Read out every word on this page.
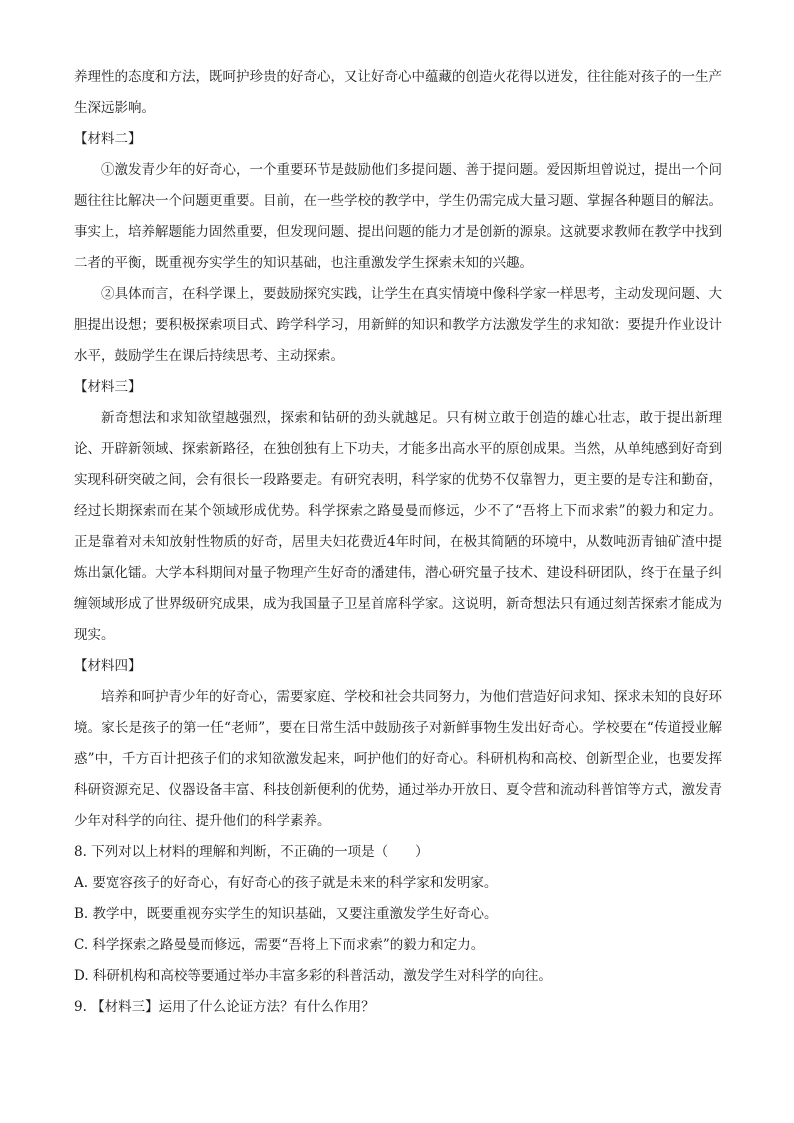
养理性的态度和方法，既呵护珍贵的好奇心，又让好奇心中蕴藏的创造火花得以迸发，往往能对孩子的一生产生深远影响。

【材料二】

①激发青少年的好奇心，一个重要环节是鼓励他们多提问题、善于提问题。爱因斯坦曾说过，提出一个问题往往比解决一个问题更重要。目前，在一些学校的教学中，学生仍需完成大量习题、掌握各种题目的解法。事实上，培养解题能力固然重要，但发现问题、提出问题的能力才是创新的源泉。这就要求教师在教学中找到二者的平衡，既重视夯实学生的知识基础，也注重激发学生探索未知的兴趣。

②具体而言，在科学课上，要鼓励探究实践，让学生在真实情境中像科学家一样思考，主动发现问题、大胆提出设想；要积极探索项目式、跨学科学习，用新鲜的知识和教学方法激发学生的求知欲：要提升作业设计水平，鼓励学生在课后持续思考、主动探索。

【材料三】

新奇想法和求知欲望越强烈，探索和钻研的劲头就越足。只有树立敢于创造的雄心壮志，敢于提出新理论、开辟新领域、探索新路径，在独创独有上下功夫，才能多出高水平的原创成果。当然，从单纯感到好奇到实现科研突破之间，会有很长一段路要走。有研究表明，科学家的优势不仅靠智力，更主要的是专注和勤奋，经过长期探索而在某个领域形成优势。科学探索之路曼曼而修远，少不了“吾将上下而求索”的毅力和定力。正是靠着对未知放射性物质的好奇，居里夫妇花费近4年时间，在极其简陋的环境中，从数吨沥青铀矿渣中提炼出氯化镭。大学本科期间对量子物理产生好奇的潘建伟，潜心研究量子技术、建设科研团队，终于在量子纠缠领域形成了世界级研究成果，成为我国量子卫星首席科学家。这说明，新奇想法只有通过刻苦探索才能成为现实。

【材料四】

培养和呵护青少年的好奇心，需要家庭、学校和社会共同努力，为他们营造好问求知、探求未知的良好环境。家长是孩子的第一任“老师”，要在日常生活中鼓励孩子对新鲜事物生发出好奇心。学校要在“传道授业解惑”中，千方百计把孩子们的求知欲激发起来，呵护他们的好奇心。科研机构和高校、创新型企业，也要发挥科研资源充足、仪器设备丰富、科技创新便利的优势，通过举办开放日、夏令营和流动科普馆等方式，激发青少年对科学的向往、提升他们的科学素养。

8. 下列对以上材料的理解和判断，不正确的一项是（　　）

A. 要宽容孩子的好奇心，有好奇心的孩子就是未来的科学家和发明家。

B. 教学中，既要重视夯实学生的知识基础，又要注重激发学生好奇心。

C. 科学探索之路曼曼而修远，需要“吾将上下而求索”的毅力和定力。

D. 科研机构和高校等要通过举办丰富多彩的科普活动，激发学生对科学的向往。

9. 【材料三】运用了什么论证方法？有什么作用？
